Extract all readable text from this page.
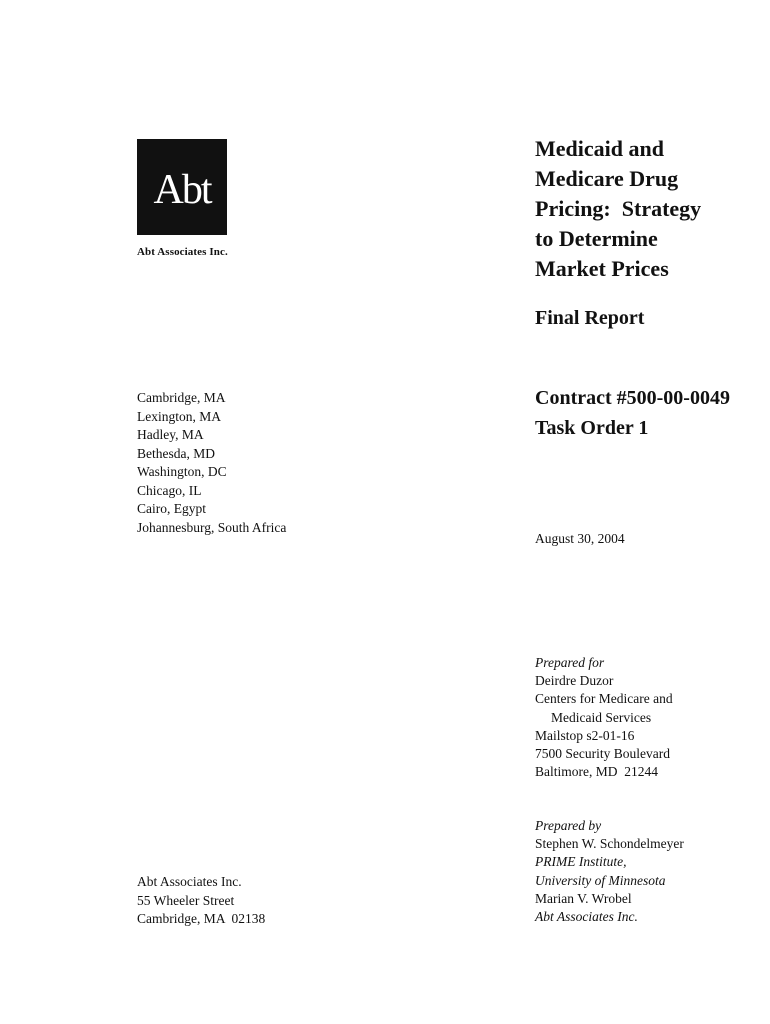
Abt
Abt Associates Inc.
Medicaid and
Medicare Drug
Pricing:  Strategy
to Determine
Market Prices
Final Report
Contract #500-00-0049
Task Order 1
Cambridge, MA
Lexington, MA
Hadley, MA
Bethesda, MD
Washington, DC
Chicago, IL
Cairo, Egypt
Johannesburg, South Africa
August 30, 2004
Prepared for
Deirdre Duzor
Centers for Medicare and
Medicaid Services
Mailstop s2-01-16
7500 Security Boulevard
Baltimore, MD  21244
Prepared by
Stephen W. Schondelmeyer
PRIME Institute,
University of Minnesota
Marian V. Wrobel
Abt Associates Inc.
Abt Associates Inc.
55 Wheeler Street
Cambridge, MA  02138
